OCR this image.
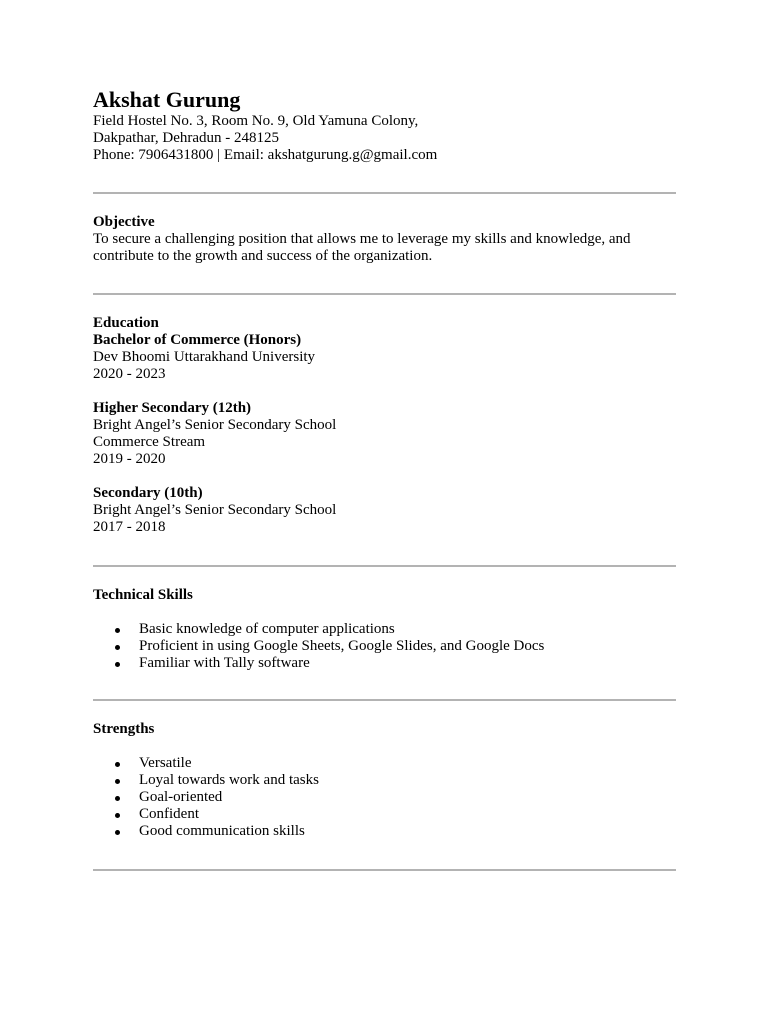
Akshat Gurung
Field Hostel No. 3, Room No. 9, Old Yamuna Colony,
Dakpathar, Dehradun - 248125
Phone: 7906431800 | Email: akshatgurung.g@gmail.com
Objective
To secure a challenging position that allows me to leverage my skills and knowledge, and
contribute to the growth and success of the organization.
Education
Bachelor of Commerce (Honors)
Dev Bhoomi Uttarakhand University
2020 - 2023
Higher Secondary (12th)
Bright Angel’s Senior Secondary School
Commerce Stream
2019 - 2020
Secondary (10th)
Bright Angel’s Senior Secondary School
2017 - 2018
Technical Skills
Basic knowledge of computer applications
Proficient in using Google Sheets, Google Slides, and Google Docs
Familiar with Tally software
Strengths
Versatile
Loyal towards work and tasks
Goal-oriented
Confident
Good communication skills
